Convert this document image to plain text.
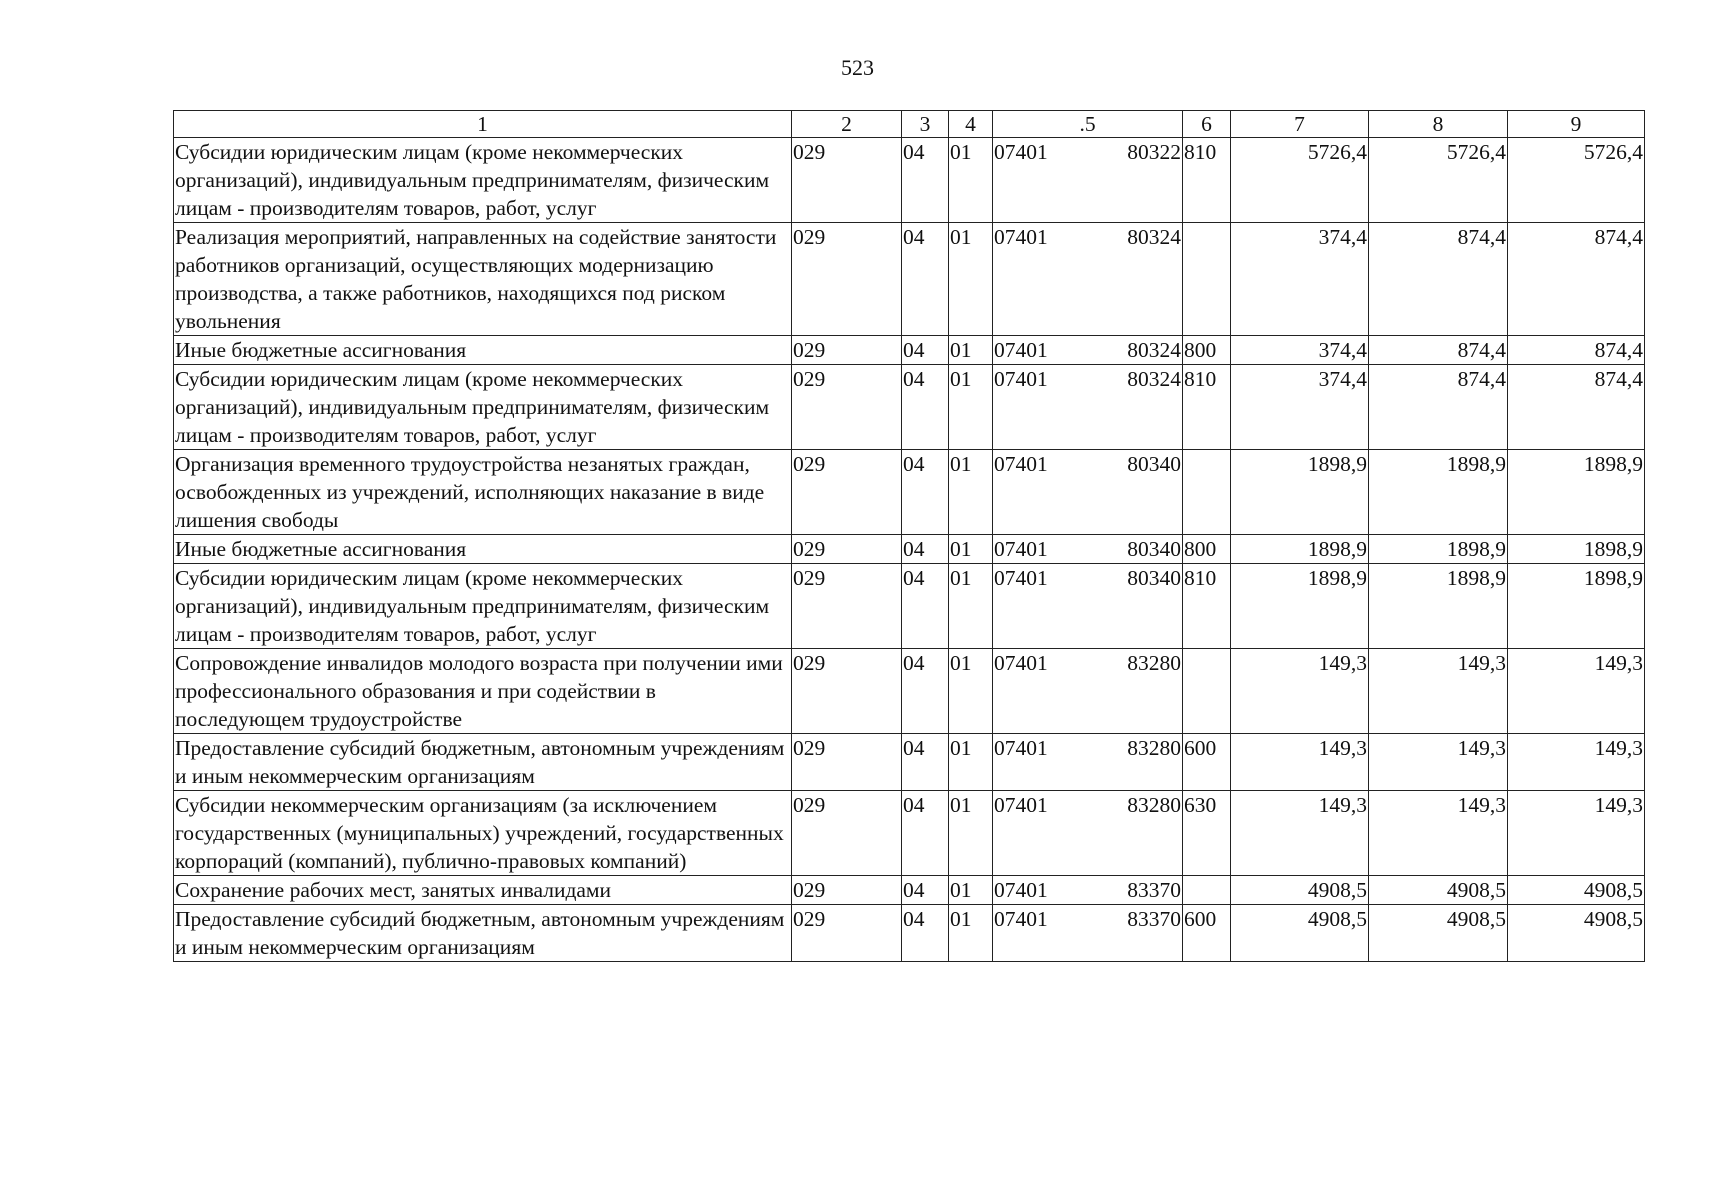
523
1	2	3	4	.5	6	7	8	9
Субсидии юридическим лицам (кроме некоммерческих организаций), индивидуальным предпринимателям, физическим лицам - производителям товаров, работ, услуг	029	04	01	07401 80322	810	5726,4	5726,4	5726,4
Реализация мероприятий, направленных на содействие занятости работников организаций, осуществляющих модернизацию производства, а также работников, находящихся под риском увольнения	029	04	01	07401 80324		374,4	874,4	874,4
Иные бюджетные ассигнования	029	04	01	07401 80324	800	374,4	874,4	874,4
Субсидии юридическим лицам (кроме некоммерческих организаций), индивидуальным предпринимателям, физическим лицам - производителям товаров, работ, услуг	029	04	01	07401 80324	810	374,4	874,4	874,4
Организация временного трудоустройства незанятых граждан, освобожденных из учреждений, исполняющих наказание в виде лишения свободы	029	04	01	07401 80340		1898,9	1898,9	1898,9
Иные бюджетные ассигнования	029	04	01	07401 80340	800	1898,9	1898,9	1898,9
Субсидии юридическим лицам (кроме некоммерческих организаций), индивидуальным предпринимателям, физическим лицам - производителям товаров, работ, услуг	029	04	01	07401 80340	810	1898,9	1898,9	1898,9
Сопровождение инвалидов молодого возраста при получении ими профессионального образования и при содействии в последующем трудоустройстве	029	04	01	07401 83280		149,3	149,3	149,3
Предоставление субсидий бюджетным, автономным учреждениям и иным некоммерческим организациям	029	04	01	07401 83280	600	149,3	149,3	149,3
Субсидии некоммерческим организациям (за исключением государственных (муниципальных) учреждений, государственных корпораций (компаний), публично-правовых компаний)	029	04	01	07401 83280	630	149,3	149,3	149,3
Сохранение рабочих мест, занятых инвалидами	029	04	01	07401 83370		4908,5	4908,5	4908,5
Предоставление субсидий бюджетным, автономным учреждениям и иным некоммерческим организациям	029	04	01	07401 83370	600	4908,5	4908,5	4908,5
